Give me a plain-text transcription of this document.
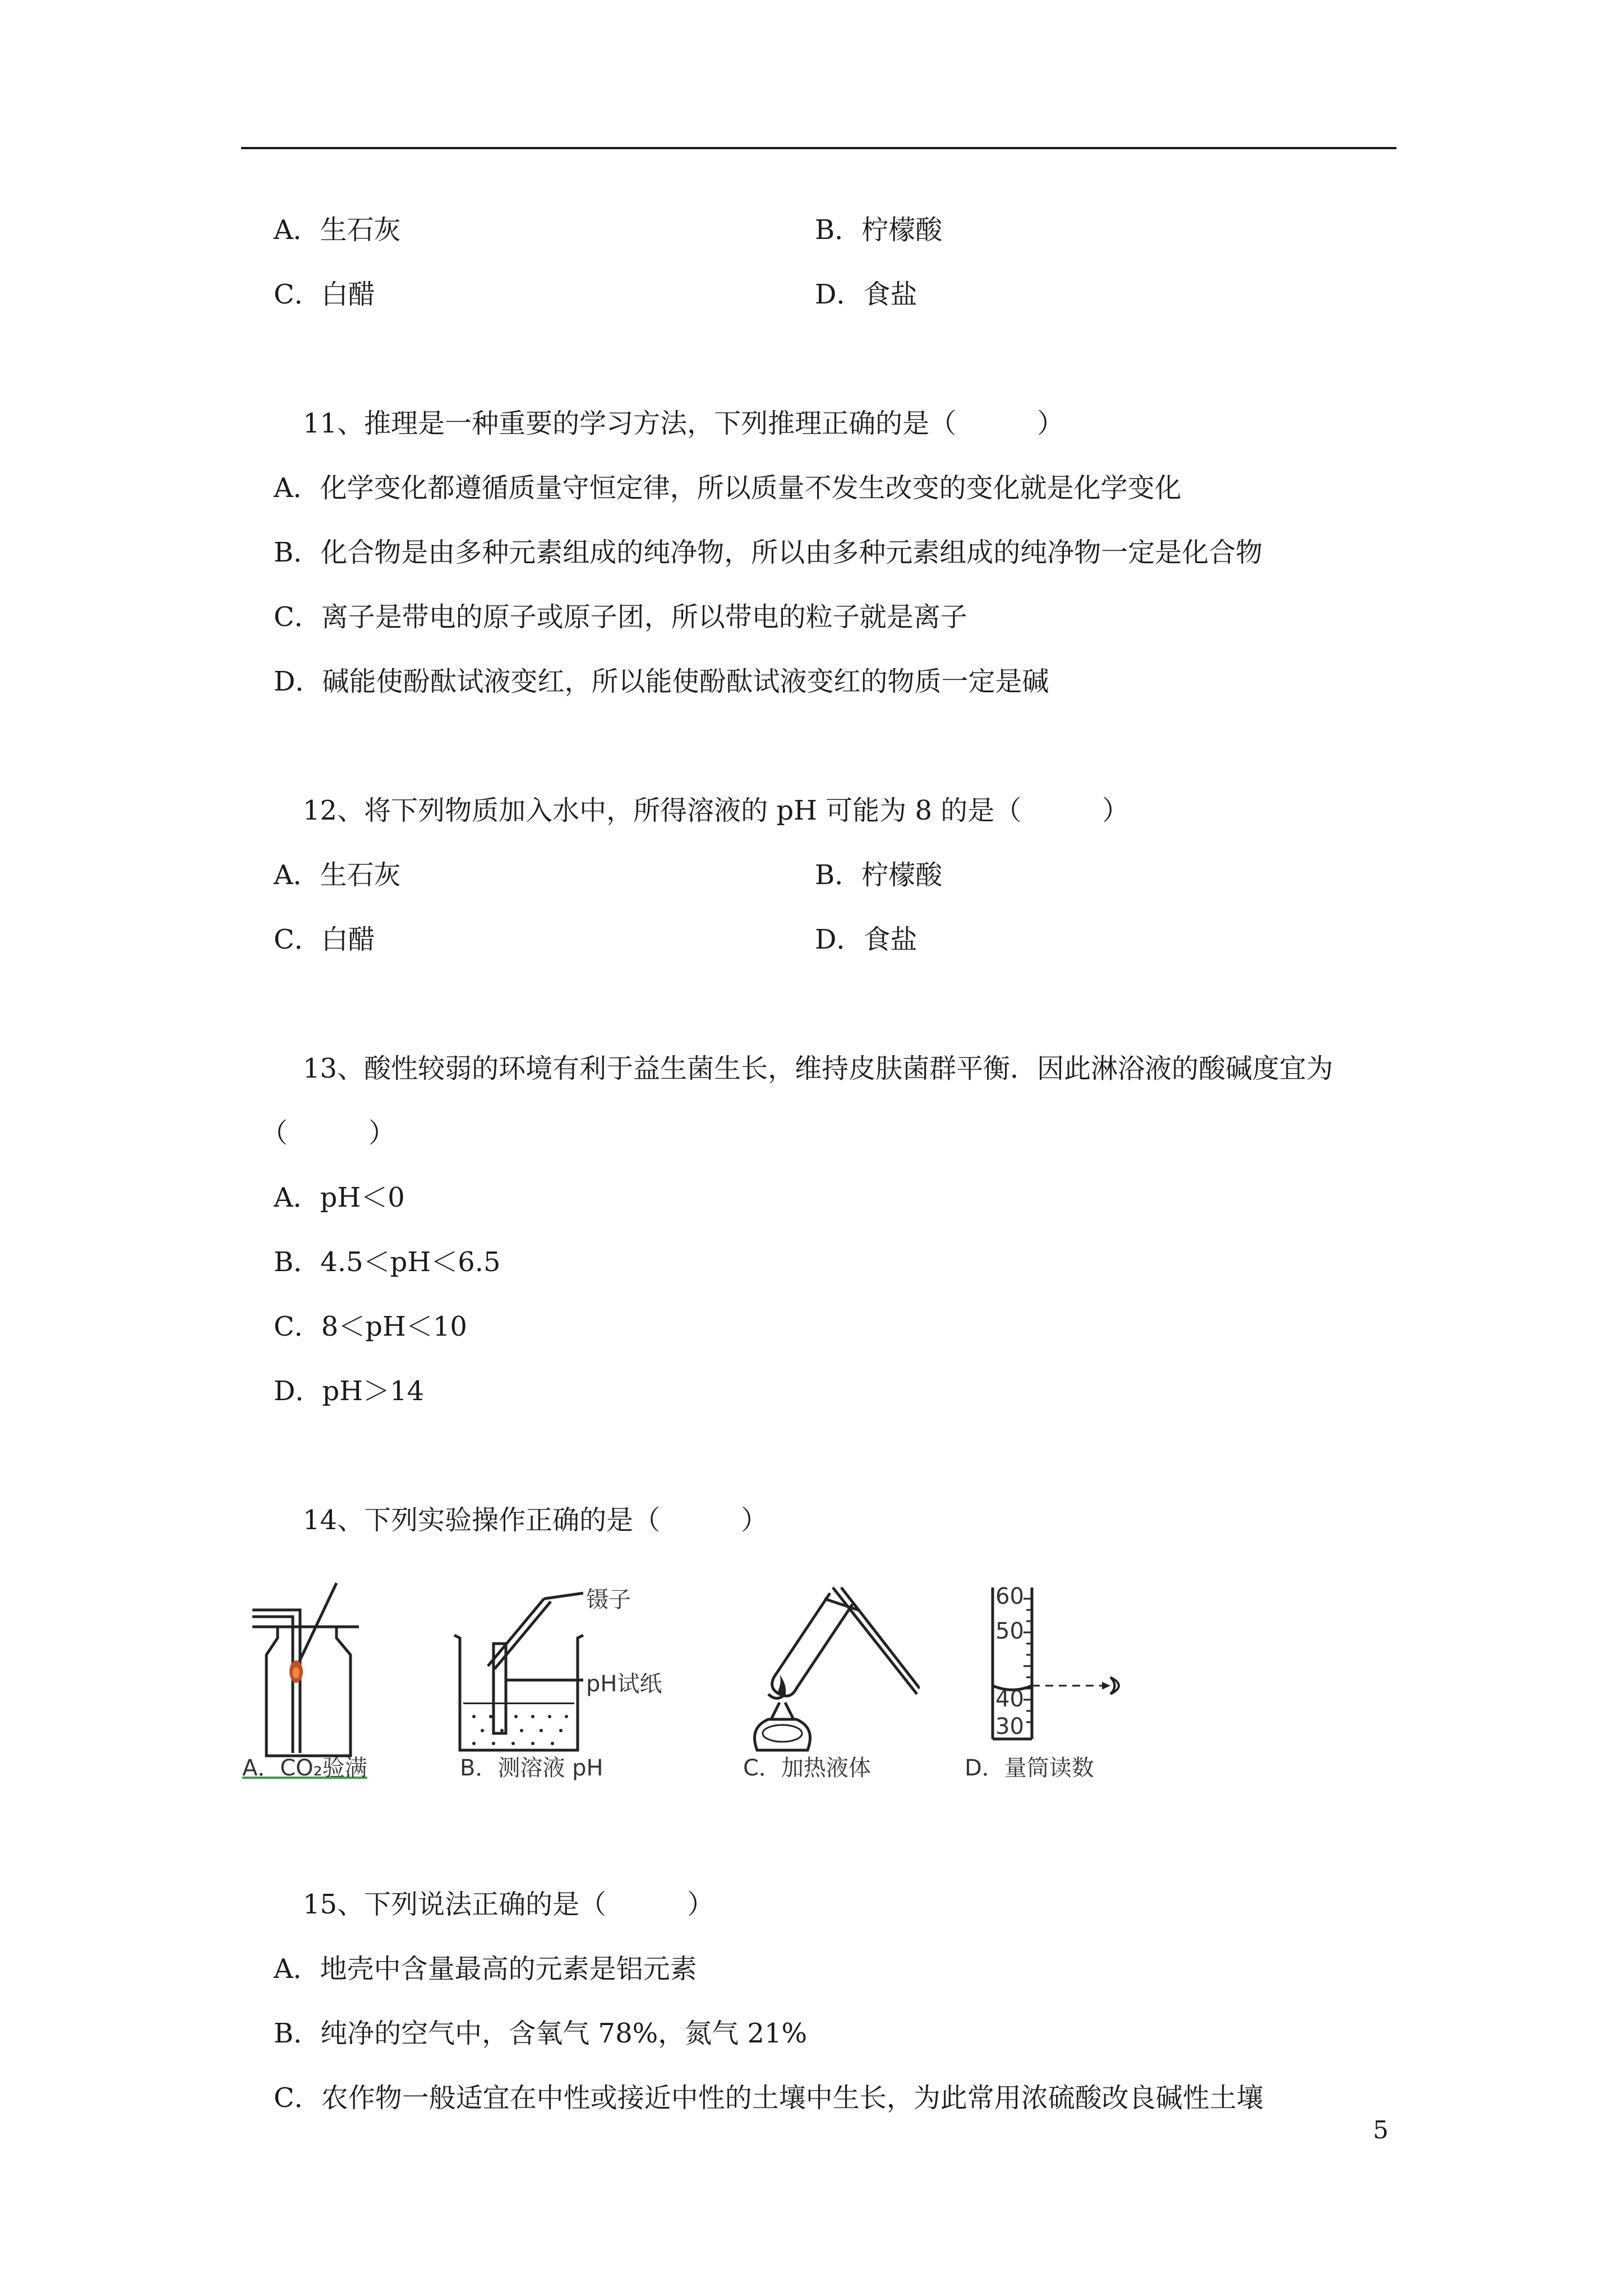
A．生石灰	B．柠檬酸
C．白醋	D．食盐
11、推理是一种重要的学习方法，下列推理正确的是（　　　）
A．化学变化都遵循质量守恒定律，所以质量不发生改变的变化就是化学变化
B．化合物是由多种元素组成的纯净物，所以由多种元素组成的纯净物一定是化合物
C．离子是带电的原子或原子团，所以带电的粒子就是离子
D．碱能使酚酞试液变红，所以能使酚酞试液变红的物质一定是碱
12、将下列物质加入水中，所得溶液的 pH 可能为 8 的是（　　　）
A．生石灰	B．柠檬酸
C．白醋	D．食盐
13、酸性较弱的环境有利于益生菌生长，维持皮肤菌群平衡．因此淋浴液的酸碱度宜为
（　　　）
A．pH＜0
B．4.5＜pH＜6.5
C．8＜pH＜10
D．pH＞14
14、下列实验操作正确的是（　　　）
A．CO₂验满
镊子
pH试纸
B．测溶液 pH	C．加热液体
60
50
40
30
D．量筒读数
15、下列说法正确的是（　　　）
A．地壳中含量最高的元素是铝元素
B．纯净的空气中，含氧气 78%，氮气 21%
C．农作物一般适宜在中性或接近中性的土壤中生长，为此常用浓硫酸改良碱性土壤
5
